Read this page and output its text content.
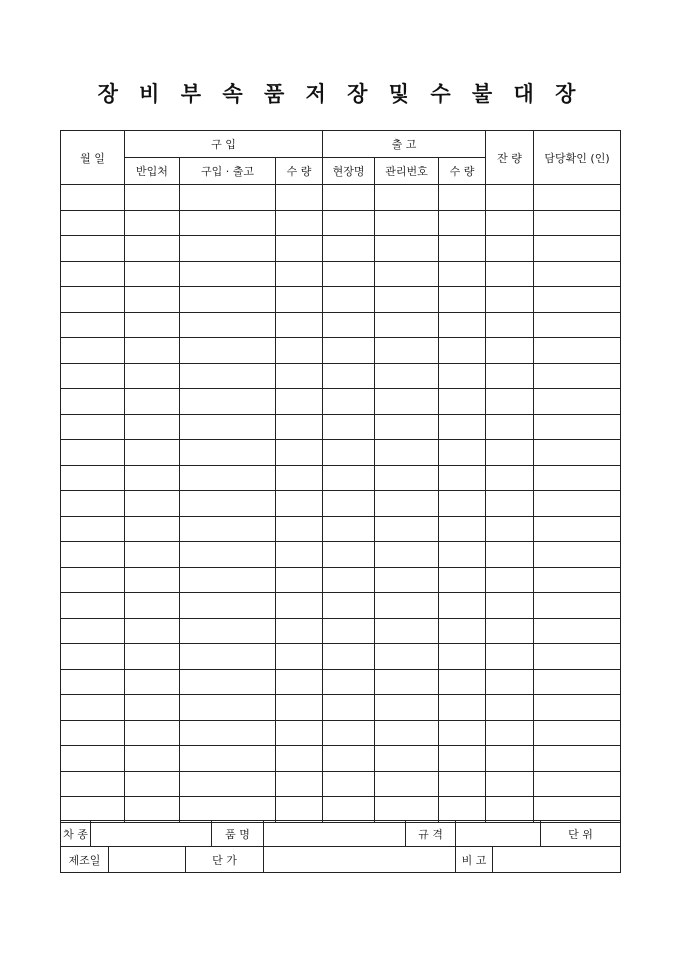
장 비 부 속 품 저 장 및 수 불 대 장
월 일	구 입			출 고			잔 량	담당확인 (인)
	반입처	구입 · 출고	수 량	현장명	관리번호	수 량		

차 종				품 명		규 격			단 위	
제조일			단 가				비 고			
